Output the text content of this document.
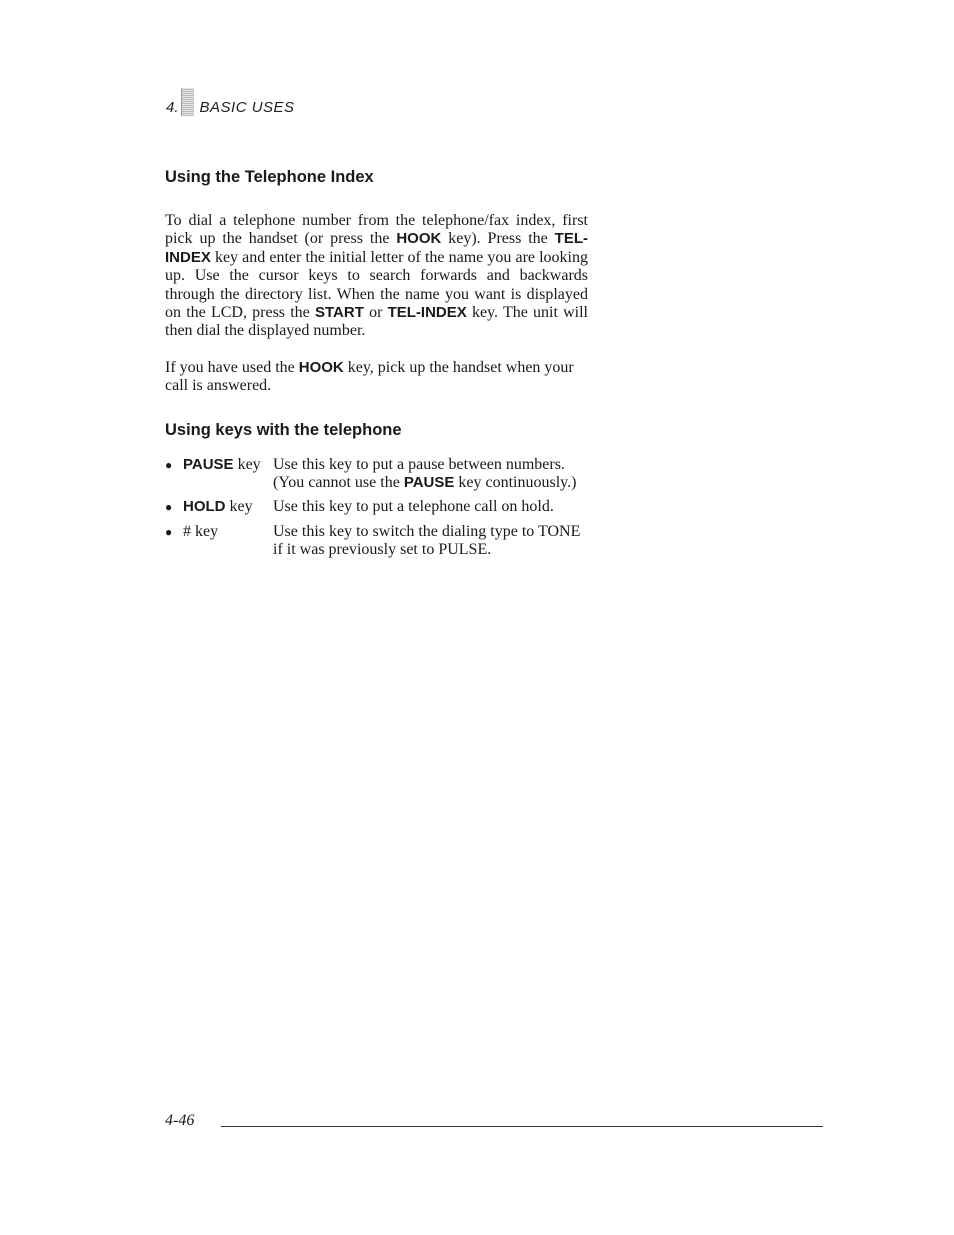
4. BASIC USES
Using the Telephone Index

To dial a telephone number from the telephone/fax index, first pick up the handset (or press the HOOK key). Press the TEL-INDEX key and enter the initial letter of the name you are looking up. Use the cursor keys to search forwards and backwards through the directory list. When the name you want is displayed on the LCD, press the START or TEL-INDEX key. The unit will then dial the displayed number.

If you have used the HOOK key, pick up the handset when your call is answered.

Using keys with the telephone
● PAUSE key Use this key to put a pause between numbers. (You cannot use the PAUSE key continuously.)
● HOLD key	Use this key to put a telephone call on hold.
● # key	Use this key to switch the dialing type to TONE if it was previously set to PULSE.
4-46
